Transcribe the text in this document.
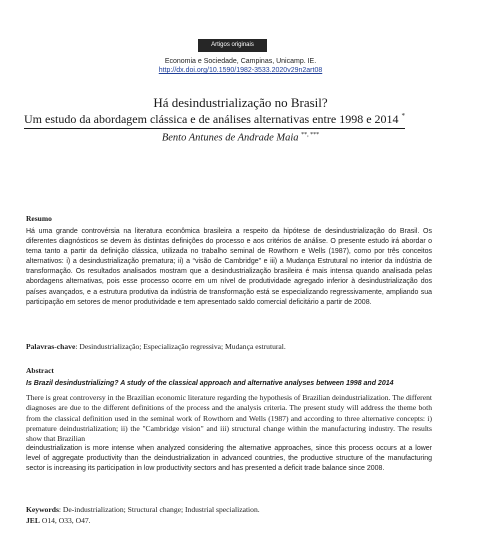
Artigos originais
Economia e Sociedade, Campinas, Unicamp. IE.
http://dx.doi.org/10.1590/1982-3533.2020v29n2art08
Há desindustrialização no Brasil?
Um estudo da abordagem clássica e de análises alternativas entre 1998 e 2014 *
Bento Antunes de Andrade Maia **, ***
Resumo
Há uma grande controvérsia na literatura econômica brasileira a respeito da hipótese de desindustrialização do Brasil. Os diferentes diagnósticos se devem às distintas definições do processo e aos critérios de análise. O presente estudo irá abordar o tema tanto a partir da definição clássica, utilizada no trabalho seminal de Rowthorn e Wells (1987), como por três conceitos alternativos: i) a desindustrialização prematura; ii) a “visão de Cambridge” e iii) a Mudança Estrutural no interior da indústria de transformação. Os resultados analisados mostram que a desindustrialização brasileira é mais intensa quando analisada pelas abordagens alternativas, pois esse processo ocorre em um nível de produtividade agregado inferior à desindustrialização dos países avançados, e a estrutura produtiva da indústria de transformação está se especializando regressivamente, ampliando sua participação em setores de menor produtividade e tem apresentado saldo comercial deficitário a partir de 2008.
Palavras-chave: Desindustrialização; Especialização regressiva; Mudança estrutural.
Abstract
Is Brazil desindustrializing? A study of the classical approach and alternative analyses between 1998 and 2014
There is great controversy in the Brazilian economic literature regarding the hypothesis of Brazilian deindustrialization. The different diagnoses are due to the different definitions of the process and the analysis criteria. The present study will address the theme both from the classical definition used in the seminal work of Rowthorn and Wells (1987) and according to three alternative concepts: i) premature deindustrialization; ii) the "Cambridge vision" and iii) structural change within the manufacturing industry. The results show that Brazilian
deindustrialization is more intense when analyzed considering the alternative approaches, since this process occurs at a lower level of aggregate productivity than the deindustrialization in advanced countries, the productive structure of the manufacturing sector is increasing its participation in low productivity sectors and has presented a deficit trade balance since 2008.
Keywords: De-industrialization; Structural change; Industrial specialization.
JEL O14, O33, O47.
